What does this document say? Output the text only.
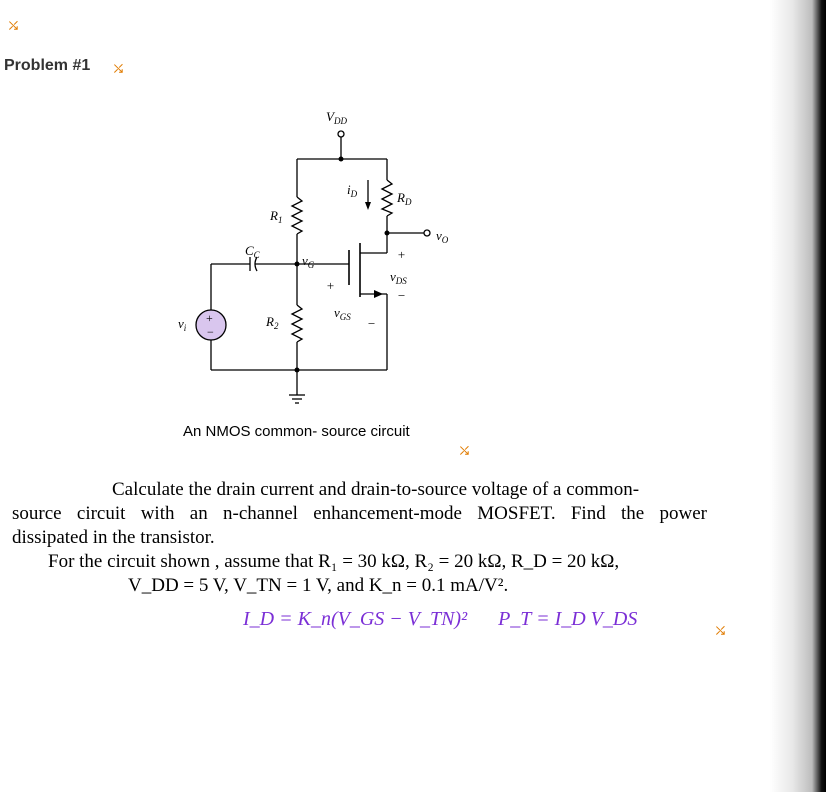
⤯
Problem #1 ⤯
⤯
⤯
+
−
$V_{DD}$
$i_D$	$R_D$
$R_1$
$v_O$
$C_C$	$v_G$
+
$v_{DS}$
−
+
$v_{GS}$ −
$v_i$	$R_2$
An NMOS common- source circuit
Calculate the drain current and drain-to-source voltage of a common-
source circuit with an n-channel enhancement-mode MOSFET. Find the power
dissipated in the transistor.
For the circuit shown , assume that R₁ = 30 kΩ, R₂ = 20 kΩ, R_D = 20 kΩ,
V_DD = 5 V, V_TN = 1 V, and K_n = 0.1 mA/V².
I_D = K_n(V_GS − V_TN)² P_T = I_D V_DS
